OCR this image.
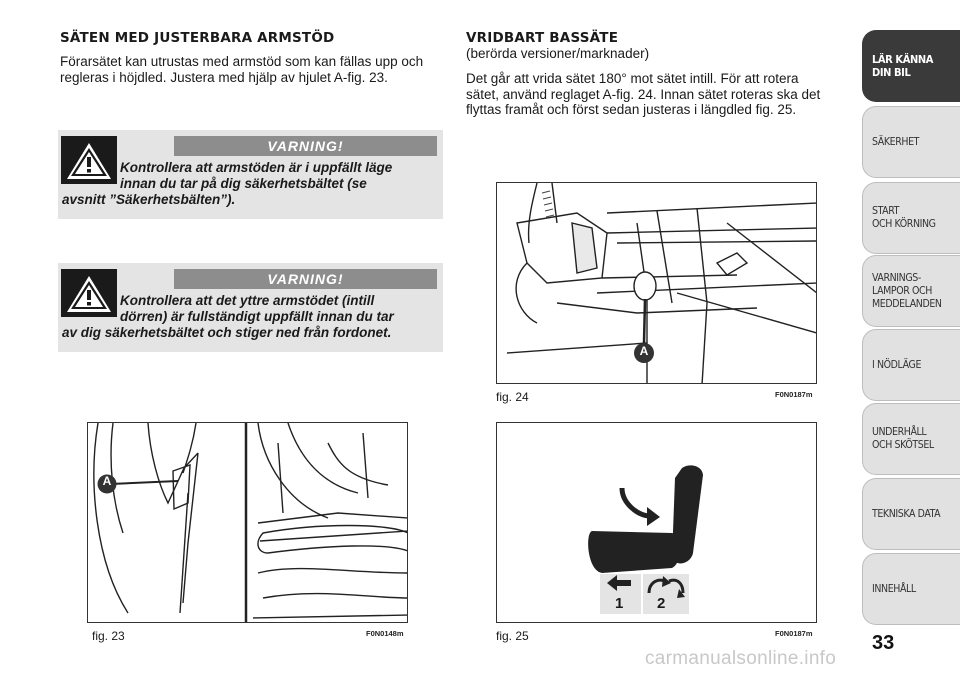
SÄTEN MED JUSTERBARA ARMSTÖD
Förarsätet kan utrustas med armstöd som kan fällas upp och
regleras i höjdled. Justera med hjälp av hjulet A-fig. 23.
VARNING!
Kontrollera att armstöden är i uppfällt läge
innan du tar på dig säkerhetsbältet (se
avsnitt ”Säkerhetsbälten”).
VARNING!
Kontrollera att det yttre armstödet (intill
dörren) är fullständigt uppfällt innan du tar
av dig säkerhetsbältet och stiger ned från fordonet.
A
fig. 23	F0N0148m
VRIDBART BASSÄTE
(berörda versioner/marknader)
Det går att vrida sätet 180° mot sätet intill. För att rotera
sätet, använd reglaget A-fig. 24. Innan sätet roteras ska det
flyttas framåt och först sedan justeras i längdled fig. 25.
A
fig. 24	F0N0187m
1 2
fig. 25	F0N0187m
LÄR KÄNNA
DIN BIL
SÄKERHET
START
OCH KÖRNING
VARNINGS-
LAMPOR OCH
MEDDELANDEN
I NÖDLÄGE
UNDERHÅLL
OCH SKÖTSEL
TEKNISKA DATA
INNEHÅLL
33
carmanualsonline.info
